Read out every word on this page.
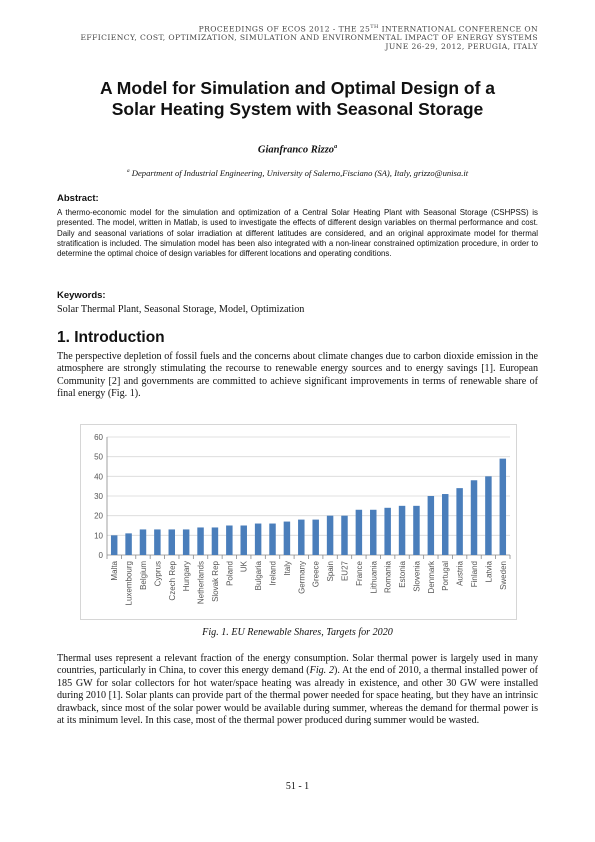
PROCEEDINGS OF ECOS 2012 - THE 25TH INTERNATIONAL CONFERENCE ON
EFFICIENCY, COST, OPTIMIZATION, SIMULATION AND ENVIRONMENTAL IMPACT OF ENERGY SYSTEMS
JUNE 26-29, 2012, PERUGIA, ITALY
A Model for Simulation and Optimal Design of a
Solar Heating System with Seasonal Storage
Gianfranco Rizzo$^a$
$^a$ Department of Industrial Engineering, University of Salerno,Fisciano (SA), Italy, grizzo@unisa.it
Abstract:
A thermo-economic model for the simulation and optimization of a Central Solar Heating Plant with Seasonal Storage (CSHPSS) is presented. The model, written in Matlab, is used to investigate the effects of different design variables on thermal performance and cost. Daily and seasonal variations of solar irradiation at different latitudes are considered, and an original approximate model for thermal stratification is included. The simulation model has been also integrated with a non-linear constrained optimization procedure, in order to determine the optimal choice of design variables for different locations and operating conditions.
Keywords:
Solar Thermal Plant, Seasonal Storage, Model, Optimization
1. Introduction
The perspective depletion of fossil fuels and the concerns about climate changes due to carbon dioxide emission in the atmosphere are strongly stimulating the recourse to renewable energy sources and to energy savings [1]. European Community [2] and governments are committed to achieve significant improvements in terms of renewable share of final energy (Fig. 1).
0
10
20
30
40
50
60
Malta Luxembourg Belgium Cyprus Czech Rep Hungary Netherlands Slovak Rep Poland UK Bulgaria Ireland Italy Germany Greece Spain EU27 France Lithuania Romania Estonia Slovenia Denmark Portugal Austria Finland Latvia Sweden
Fig. 1. EU Renewable Shares, Targets for 2020
Thermal uses represent a relevant fraction of the energy consumption. Solar thermal power is largely used in many countries, particularly in China, to cover this energy demand (Fig. 2). At the end of 2010, a thermal installed power of 185 GW for solar collectors for hot water/space heating was already in existence, and other 30 GW were installed during 2010 [1]. Solar plants can provide part of the thermal power needed for space heating, but they have an intrinsic drawback, since most of the solar power would be available during summer, whereas the demand for thermal power is at its minimum level. In this case, most of the thermal power produced during summer would be wasted.
51 - 1
